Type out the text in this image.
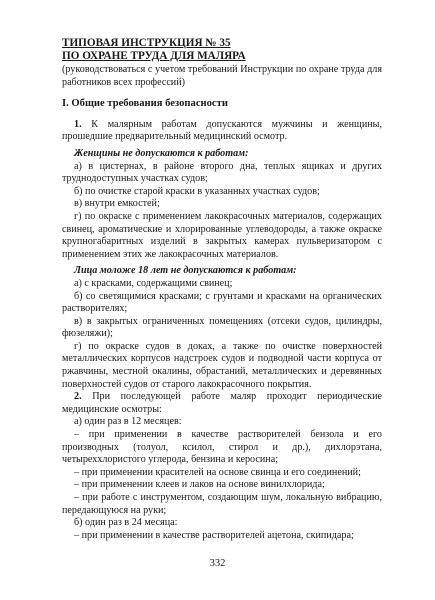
ТИПОВАЯ ИНСТРУКЦИЯ № 35
ПО ОХРАНЕ ТРУДА ДЛЯ МАЛЯРА

(руководствоваться с учетом требований Инструкции по охране труда для работников всех профессий)

I. Общие требования безопасности

1. К малярным работам допускаются мужчины и женщины, прошедшие предварительный медицинский осмотр.

Женщины не допускаются к работам:

а) в цистернах, в районе второго дна, теплых ящиках и других труднодоступных участках судов;

б) по очистке старой краски в указанных участках судов;

в) внутри емкостей;

г) по окраске с применением лакокрасочных материалов, содержащих свинец, ароматические и хлорированные углеводороды, а также окраске крупногабаритных изделий в закрытых камерах пульверизатором с применением этих же лакокрасочных материалов.

Лица моложе 18 лет не допускаются к работам:

а) с красками, содержащими свинец;

б) со светящимися красками; с грунтами и красками на органических растворителях;

в) в закрытых ограниченных помещениях (отсеки судов, цилиндры, фюзеляжи);

г) по окраске судов в доках, а также по очистке поверхностей металлических корпусов надстроек судов и подводной части корпуса от ржавчины, местной окалины, обрастаний, металлических и деревянных поверхностей судов от старого лакокрасочного покрытия.

2. При последующей работе маляр проходит периодические медицинские осмотры:

а) один раз в 12 месяцев:

– при применении в качестве растворителей бензола и его производных (толуол, ксилол, стирол и др.), дихлорэтана, четыреххлористого углерода, бензина и керосина;

– при применении красителей на основе свинца и его соединений;

– при применении клеев и лаков на основе винилхлорида;

– при работе с инструментом, создающим шум, локальную вибрацию, передающуюся на руки;

б) один раз в 24 месяца:

– при применении в качестве растворителей ацетона, скипидара;

332
